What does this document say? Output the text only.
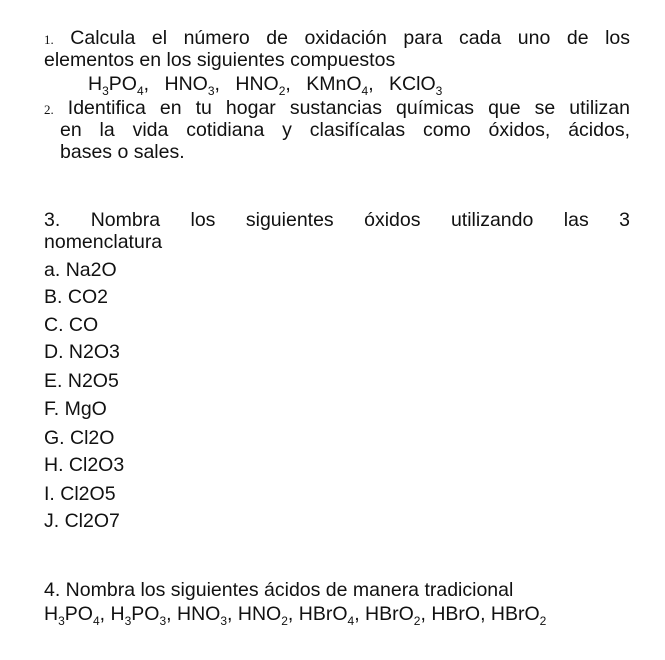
1. Calcula el número de oxidación para cada uno de los
elementos en los siguientes compuestos
$H_3PO_4$, $HNO_3$, $HNO_2$, KMnO$_4$, KClO$_3$
2. Identifica en tu hogar sustancias químicas que se utilizan
en la vida cotidiana y clasifícalas como óxidos, ácidos,
bases o sales.
3. Nombra los siguientes óxidos utilizando las 3
nomenclatura
a. Na2O
B. CO2
C. CO
D. N2O3
E. N2O5
F. MgO
G. Cl2O
H. Cl2O3
I. Cl2O5
J. Cl2O7
4. Nombra los siguientes ácidos de manera tradicional
$H_3PO_4$, $H_3PO_3$, $HNO_3$, $HNO_2$, HBrO$_4$, HBrO$_2$, HBrO, HBrO$_2$
